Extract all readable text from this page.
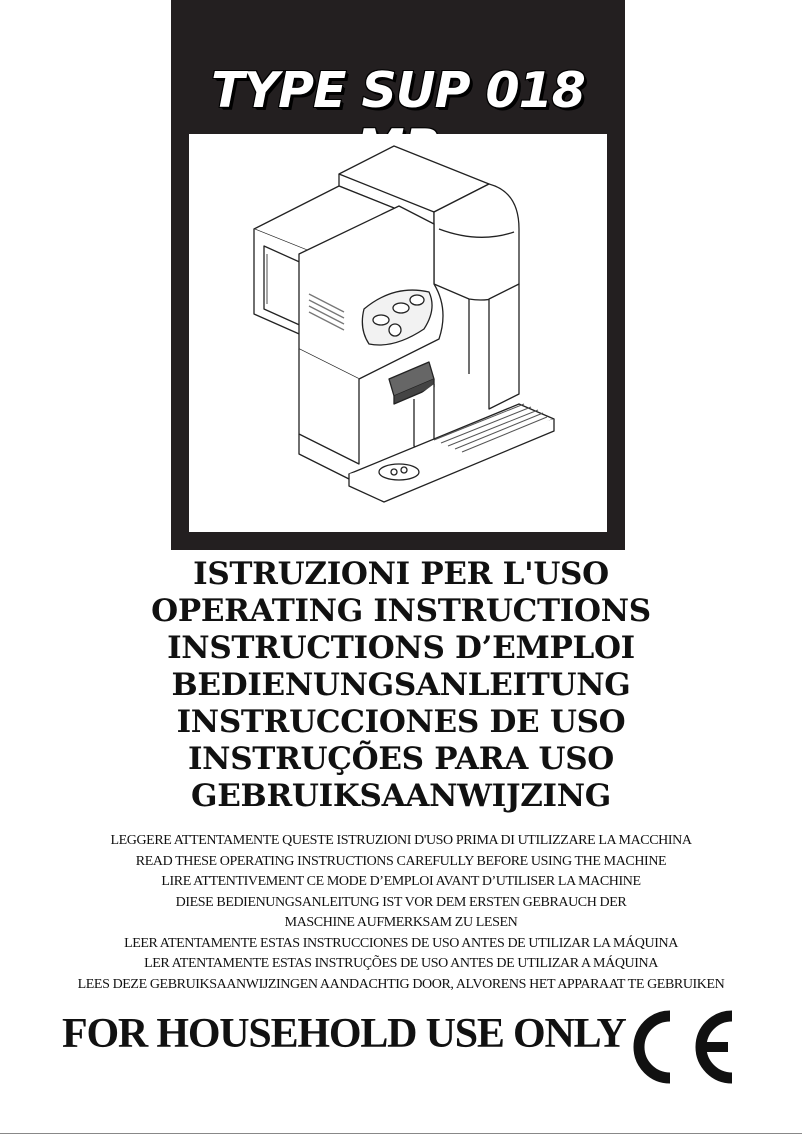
TYPE SUP 018
ISTRUZIONI PER L'USO
OPERATING INSTRUCTIONS
INSTRUCTIONS D’EMPLOI
BEDIENUNGSANLEITUNG
INSTRUCCIONES DE USO
INSTRUÇÕES PARA USO
GEBRUIKSAANWIJZING
LEGGERE ATTENTAMENTE QUESTE ISTRUZIONI D'USO PRIMA DI UTILIZZARE LA MACCHINA
READ THESE OPERATING INSTRUCTIONS CAREFULLY BEFORE USING THE MACHINE
LIRE ATTENTIVEMENT CE MODE D’EMPLOI AVANT D’UTILISER LA MACHINE
DIESE BEDIENUNGSANLEITUNG IST VOR DEM ERSTEN GEBRAUCH DER
MASCHINE AUFMERKSAM ZU LESEN
LEER ATENTAMENTE ESTAS INSTRUCCIONES DE USO ANTES DE UTILIZAR LA MÁQUINA
LER ATENTAMENTE ESTAS INSTRUÇÕES DE USO ANTES DE UTILIZAR A MÁQUINA
LEES DEZE GEBRUIKSAANWIJZINGEN AANDACHTIG DOOR, ALVORENS HET APPARAAT TE GEBRUIKEN
FOR HOUSEHOLD USE ONLY
